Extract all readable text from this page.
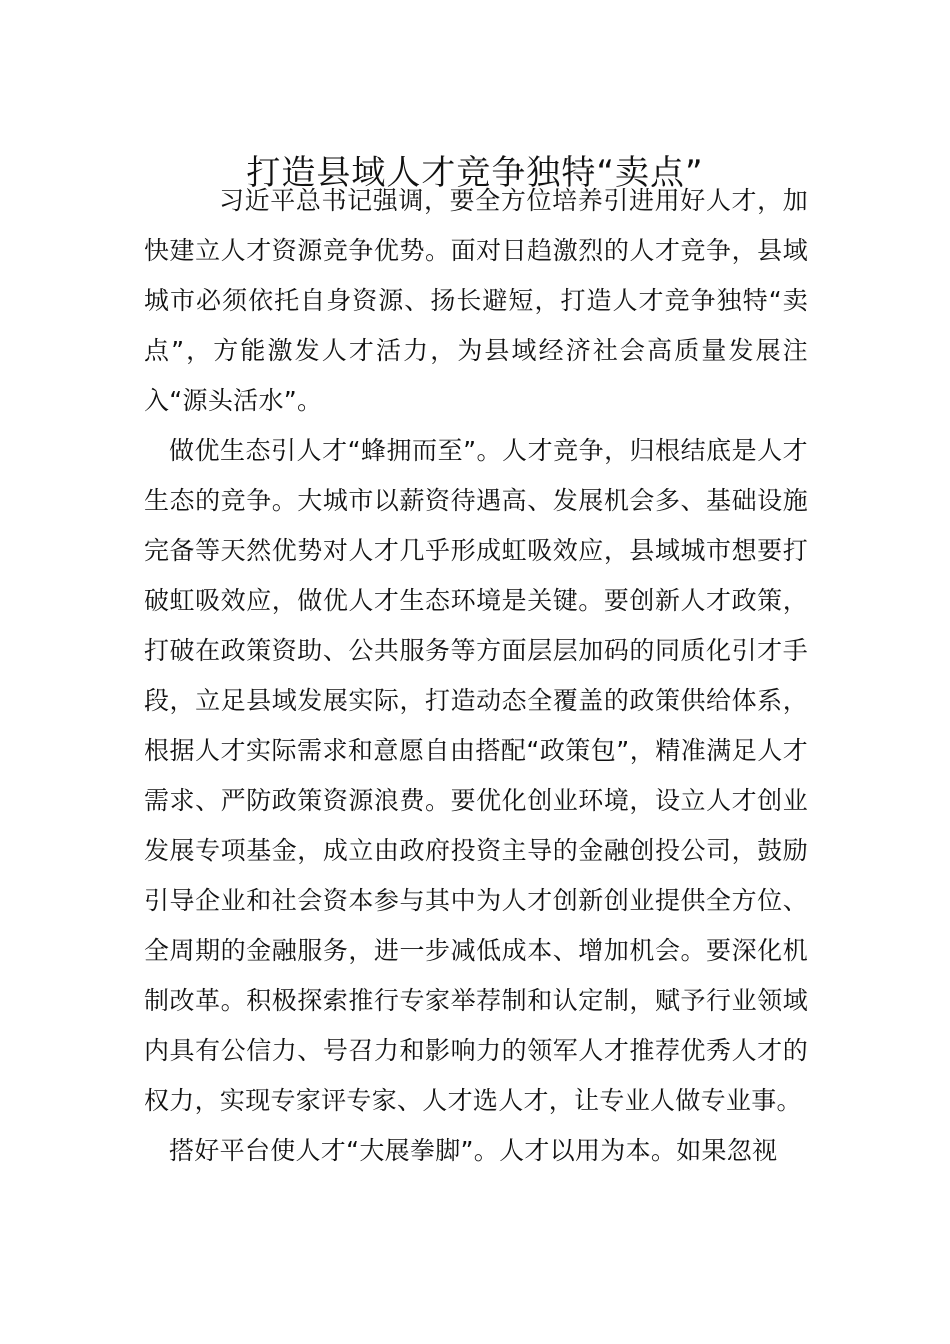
打造县域人才竞争独特“卖点”

习近平总书记强调，要全方位培养引进用好人才，加快建立人才资源竞争优势。面对日趋激烈的人才竞争，县域城市必须依托自身资源、扬长避短，打造人才竞争独特“卖点”，方能激发人才活力，为县域经济社会高质量发展注入“源头活水”。

做优生态引人才“蜂拥而至”。人才竞争，归根结底是人才生态的竞争。大城市以薪资待遇高、发展机会多、基础设施完备等天然优势对人才几乎形成虹吸效应，县域城市想要打破虹吸效应，做优人才生态环境是关键。要创新人才政策，打破在政策资助、公共服务等方面层层加码的同质化引才手段，立足县域发展实际，打造动态全覆盖的政策供给体系，根据人才实际需求和意愿自由搭配“政策包”，精准满足人才需求、严防政策资源浪费。要优化创业环境，设立人才创业发展专项基金，成立由政府投资主导的金融创投公司，鼓励引导企业和社会资本参与其中为人才创新创业提供全方位、全周期的金融服务，进一步减低成本、增加机会。要深化机制改革。积极探索推行专家举荐制和认定制，赋予行业领域内具有公信力、号召力和影响力的领军人才推荐优秀人才的权力，实现专家评专家、人才选人才，让专业人做专业事。

搭好平台使人才“大展拳脚”。人才以用为本。如果忽视
